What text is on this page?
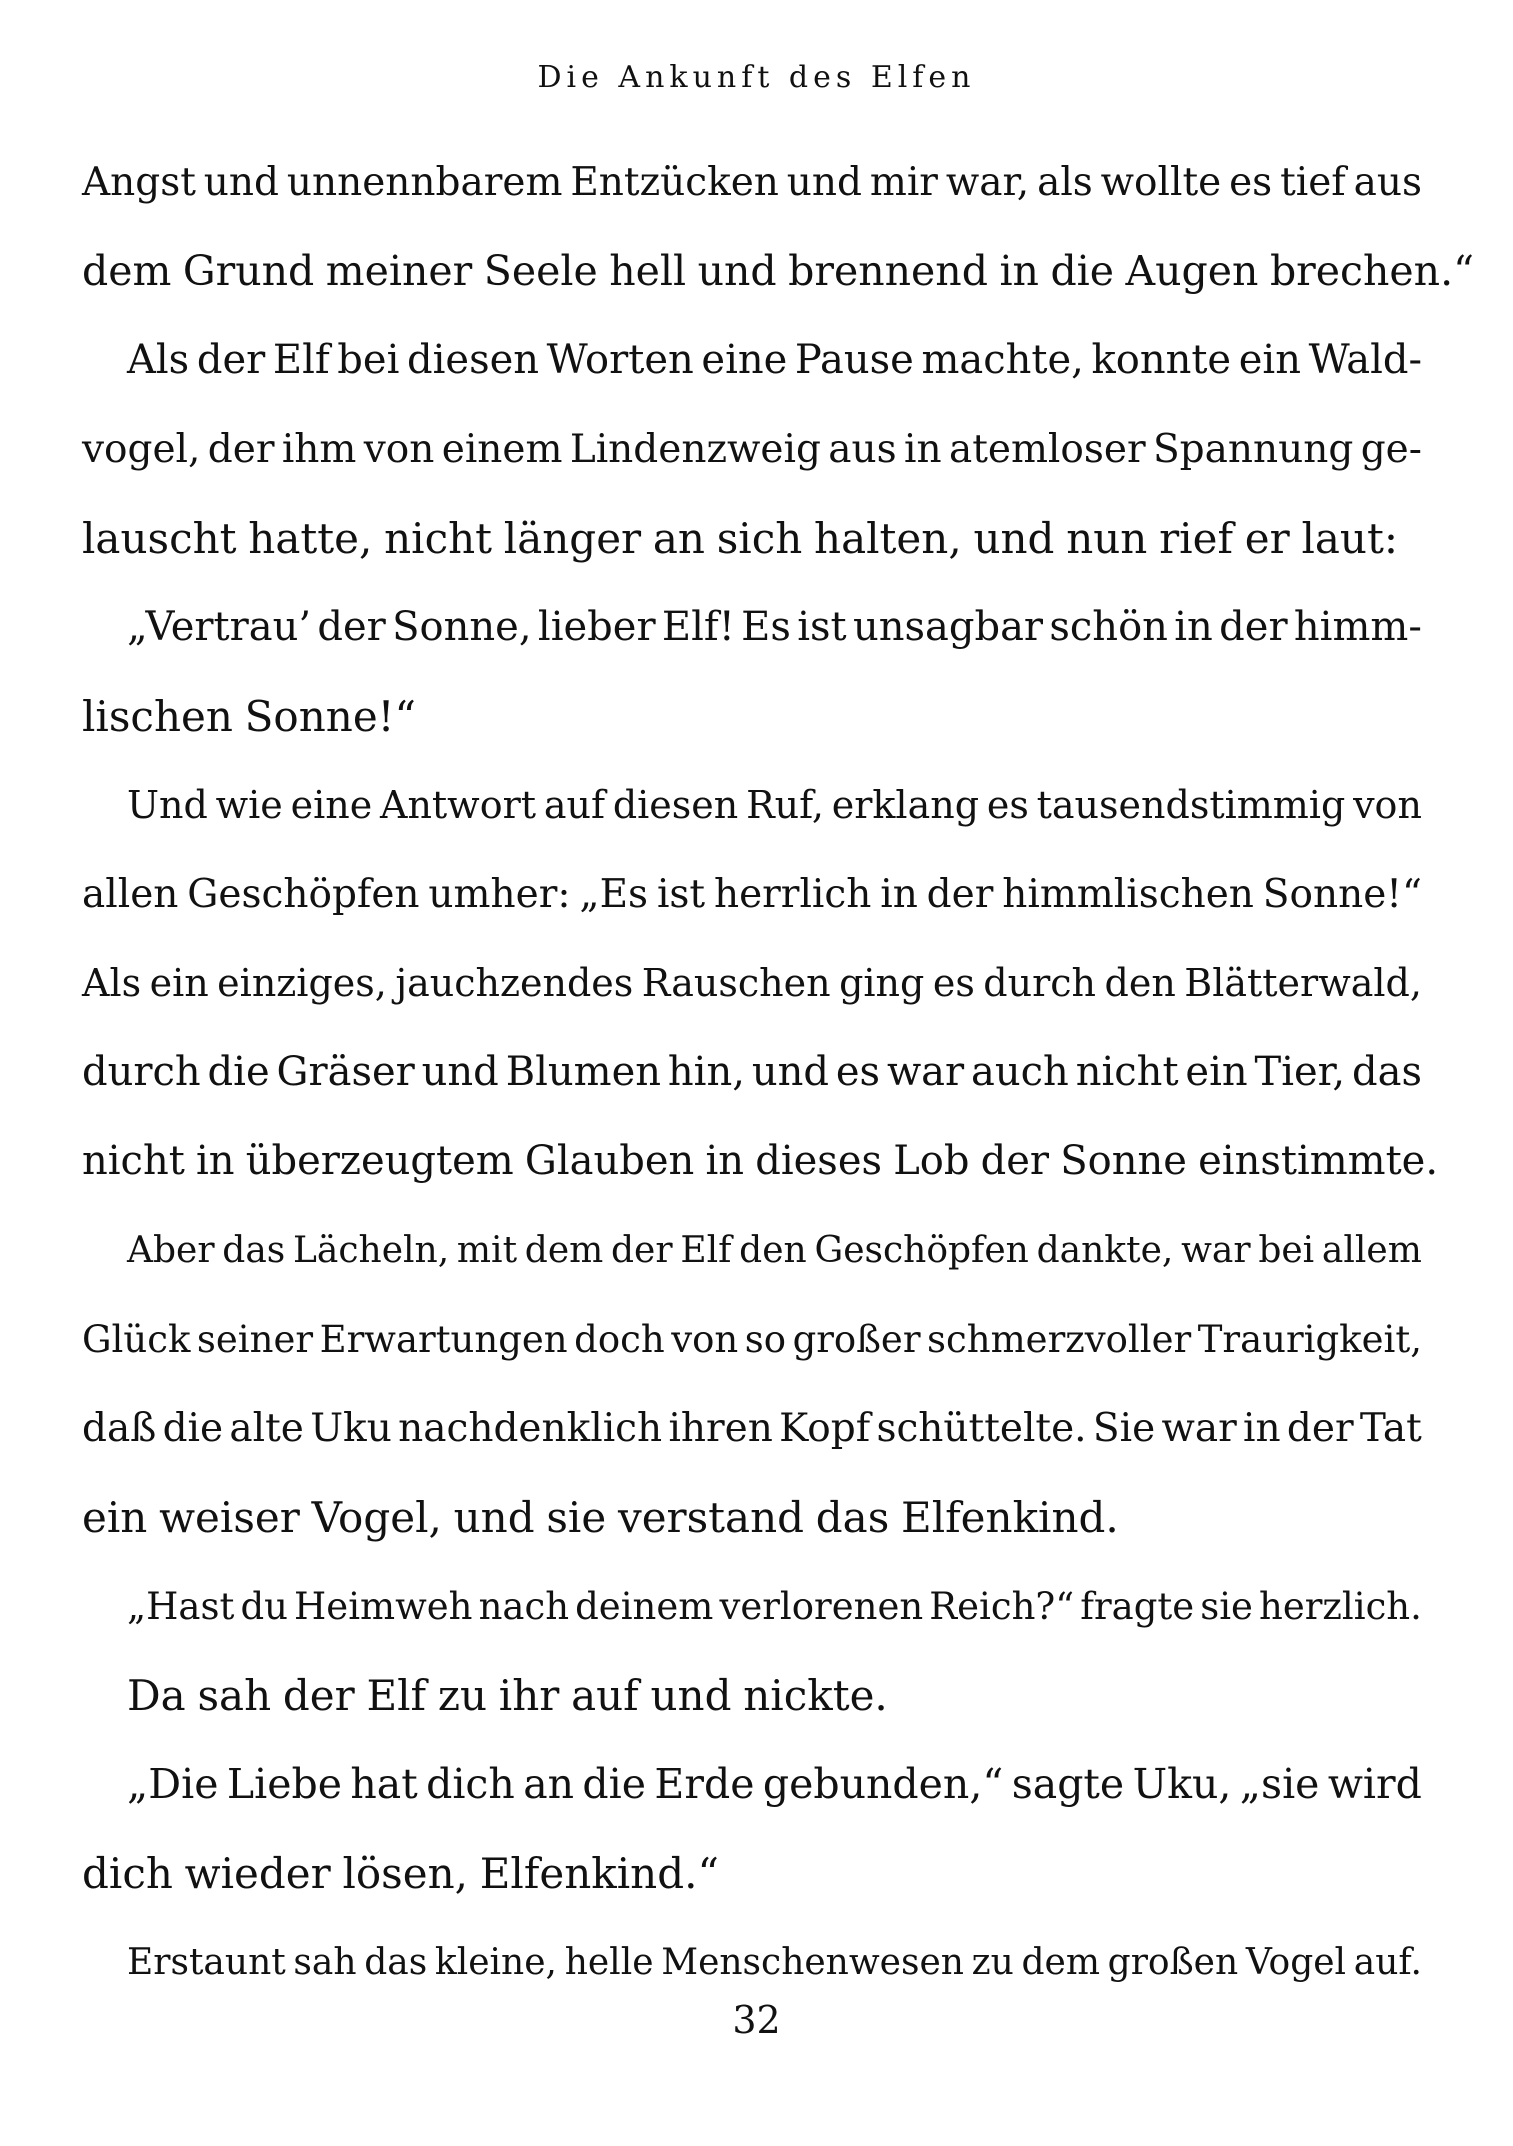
Die Ankunft des Elfen
Angst und unnennbarem Entzücken und mir war, als wollte es tief aus
dem Grund meiner Seele hell und brennend in die Augen brechen.“
Als der Elf bei diesen Worten eine Pause machte, konnte ein Wald-
vogel, der ihm von einem Lindenzweig aus in atemloser Spannung ge-
lauscht hatte, nicht länger an sich halten, und nun rief er laut:
„Vertrau’ der Sonne, lieber Elf! Es ist unsagbar schön in der himm-
lischen Sonne!“
Und wie eine Antwort auf diesen Ruf, erklang es tausendstimmig von
allen Geschöpfen umher: „Es ist herrlich in der himmlischen Sonne!“
Als ein einziges, jauchzendes Rauschen ging es durch den Blätterwald,
durch die Gräser und Blumen hin, und es war auch nicht ein Tier, das
nicht in überzeugtem Glauben in dieses Lob der Sonne einstimmte.
Aber das Lächeln, mit dem der Elf den Geschöpfen dankte, war bei allem
Glück seiner Erwartungen doch von so großer schmerzvoller Traurigkeit,
daß die alte Uku nachdenklich ihren Kopf schüttelte. Sie war in der Tat
ein weiser Vogel, und sie verstand das Elfenkind.
„Hast du Heimweh nach deinem verlorenen Reich?“ fragte sie herzlich.
Da sah der Elf zu ihr auf und nickte.
„Die Liebe hat dich an die Erde gebunden,“ sagte Uku, „sie wird
dich wieder lösen, Elfenkind.“
Erstaunt sah das kleine, helle Menschenwesen zu dem großen Vogel auf.
32
